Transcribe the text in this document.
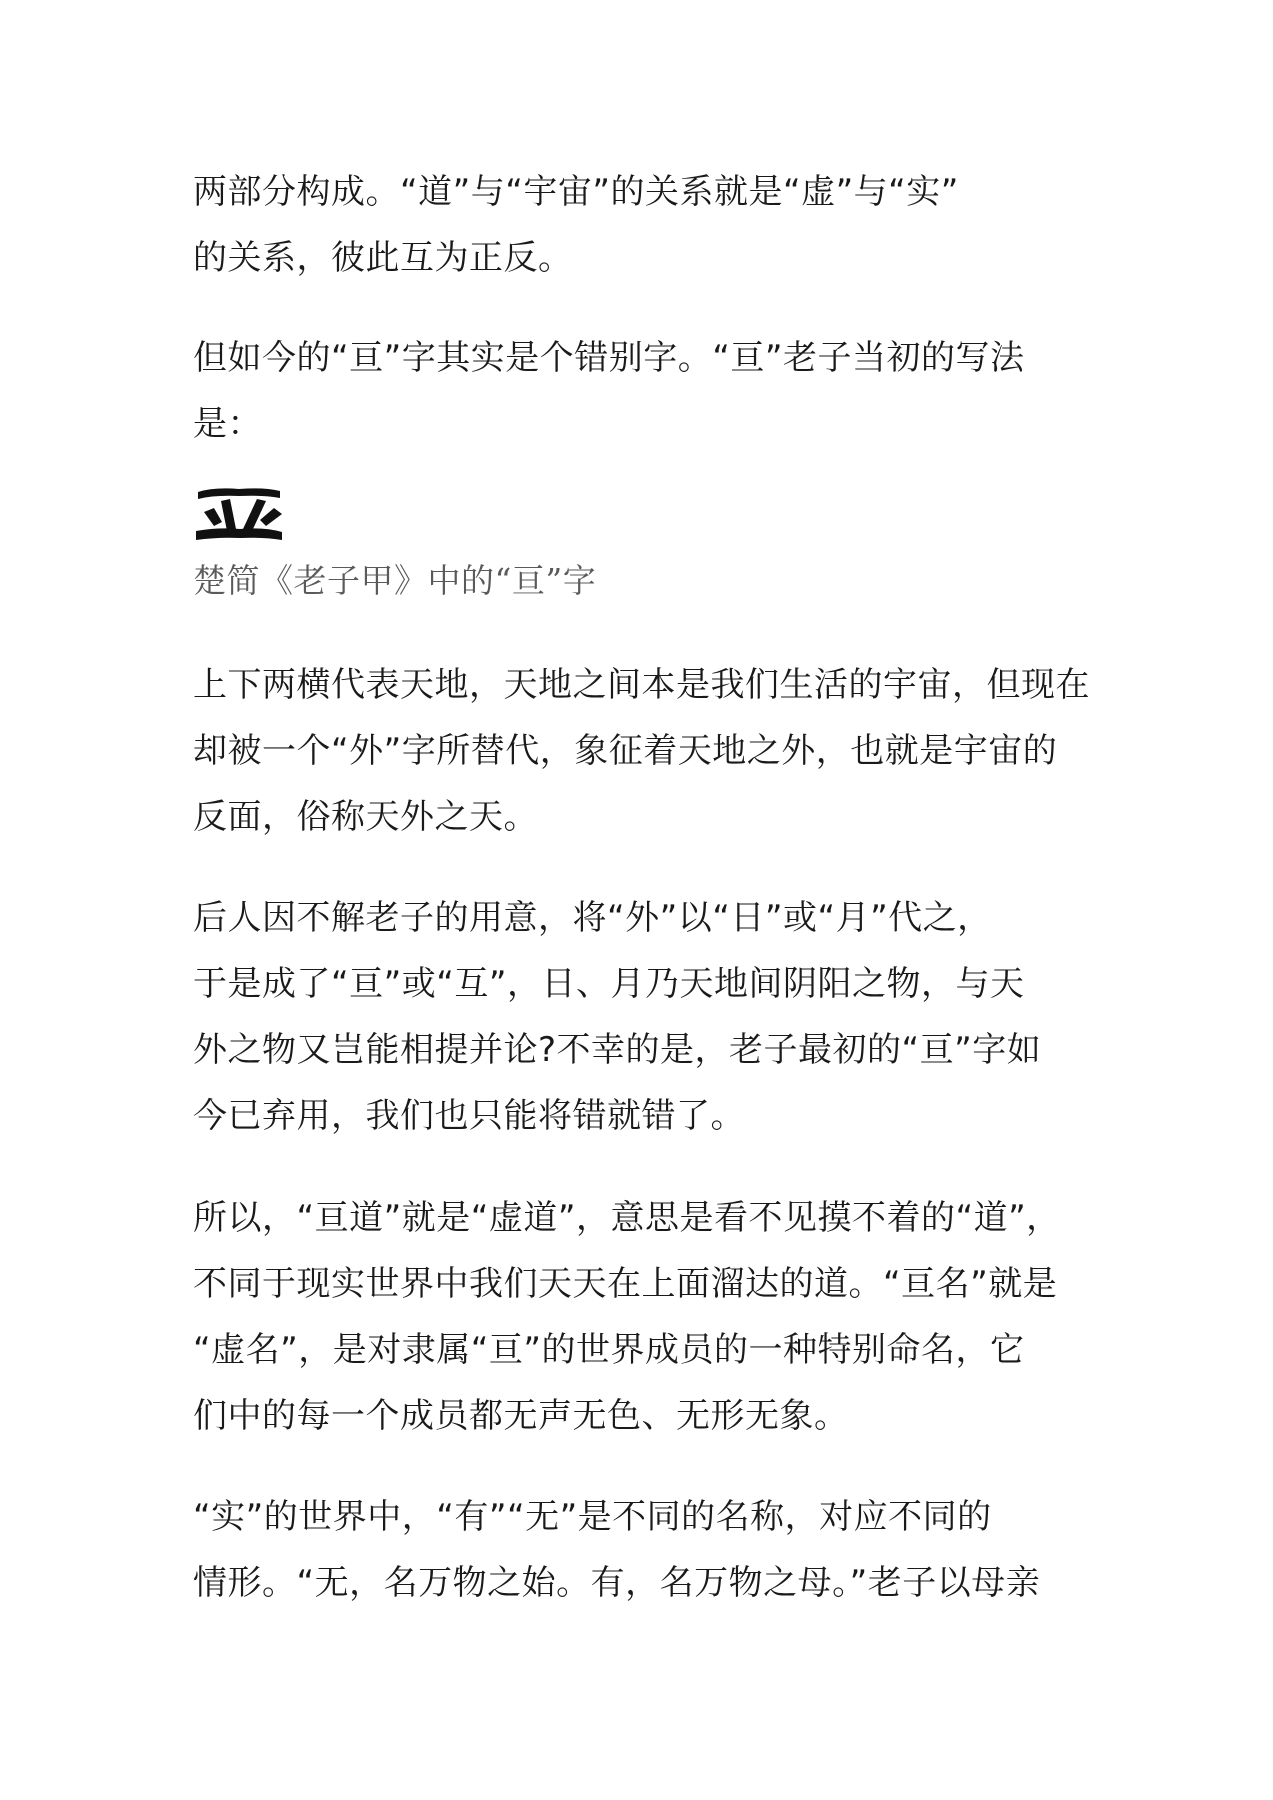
两部分构成。“道”与“宇宙”的关系就是“虚”与“实”
的关系，彼此互为正反。
但如今的“亘”字其实是个错别字。“亘”老子当初的写法
是：
楚简《老子甲》中的“亘”字
上下两横代表天地，天地之间本是我们生活的宇宙，但现在
却被一个“外”字所替代，象征着天地之外，也就是宇宙的
反面，俗称天外之天。
后人因不解老子的用意，将“外”以“日”或“月”代之，
于是成了“亘”或“互”，日、月乃天地间阴阳之物，与天
外之物又岂能相提并论?不幸的是，老子最初的“亘”字如
今已弃用，我们也只能将错就错了。
所以，“亘道”就是“虚道”，意思是看不见摸不着的“道”，
不同于现实世界中我们天天在上面溜达的道。“亘名”就是
“虚名”，是对隶属“亘”的世界成员的一种特别命名，它
们中的每一个成员都无声无色、无形无象。
“实”的世界中，“有”“无”是不同的名称，对应不同的
情形。“无，名万物之始。有，名万物之母。”老子以母亲
